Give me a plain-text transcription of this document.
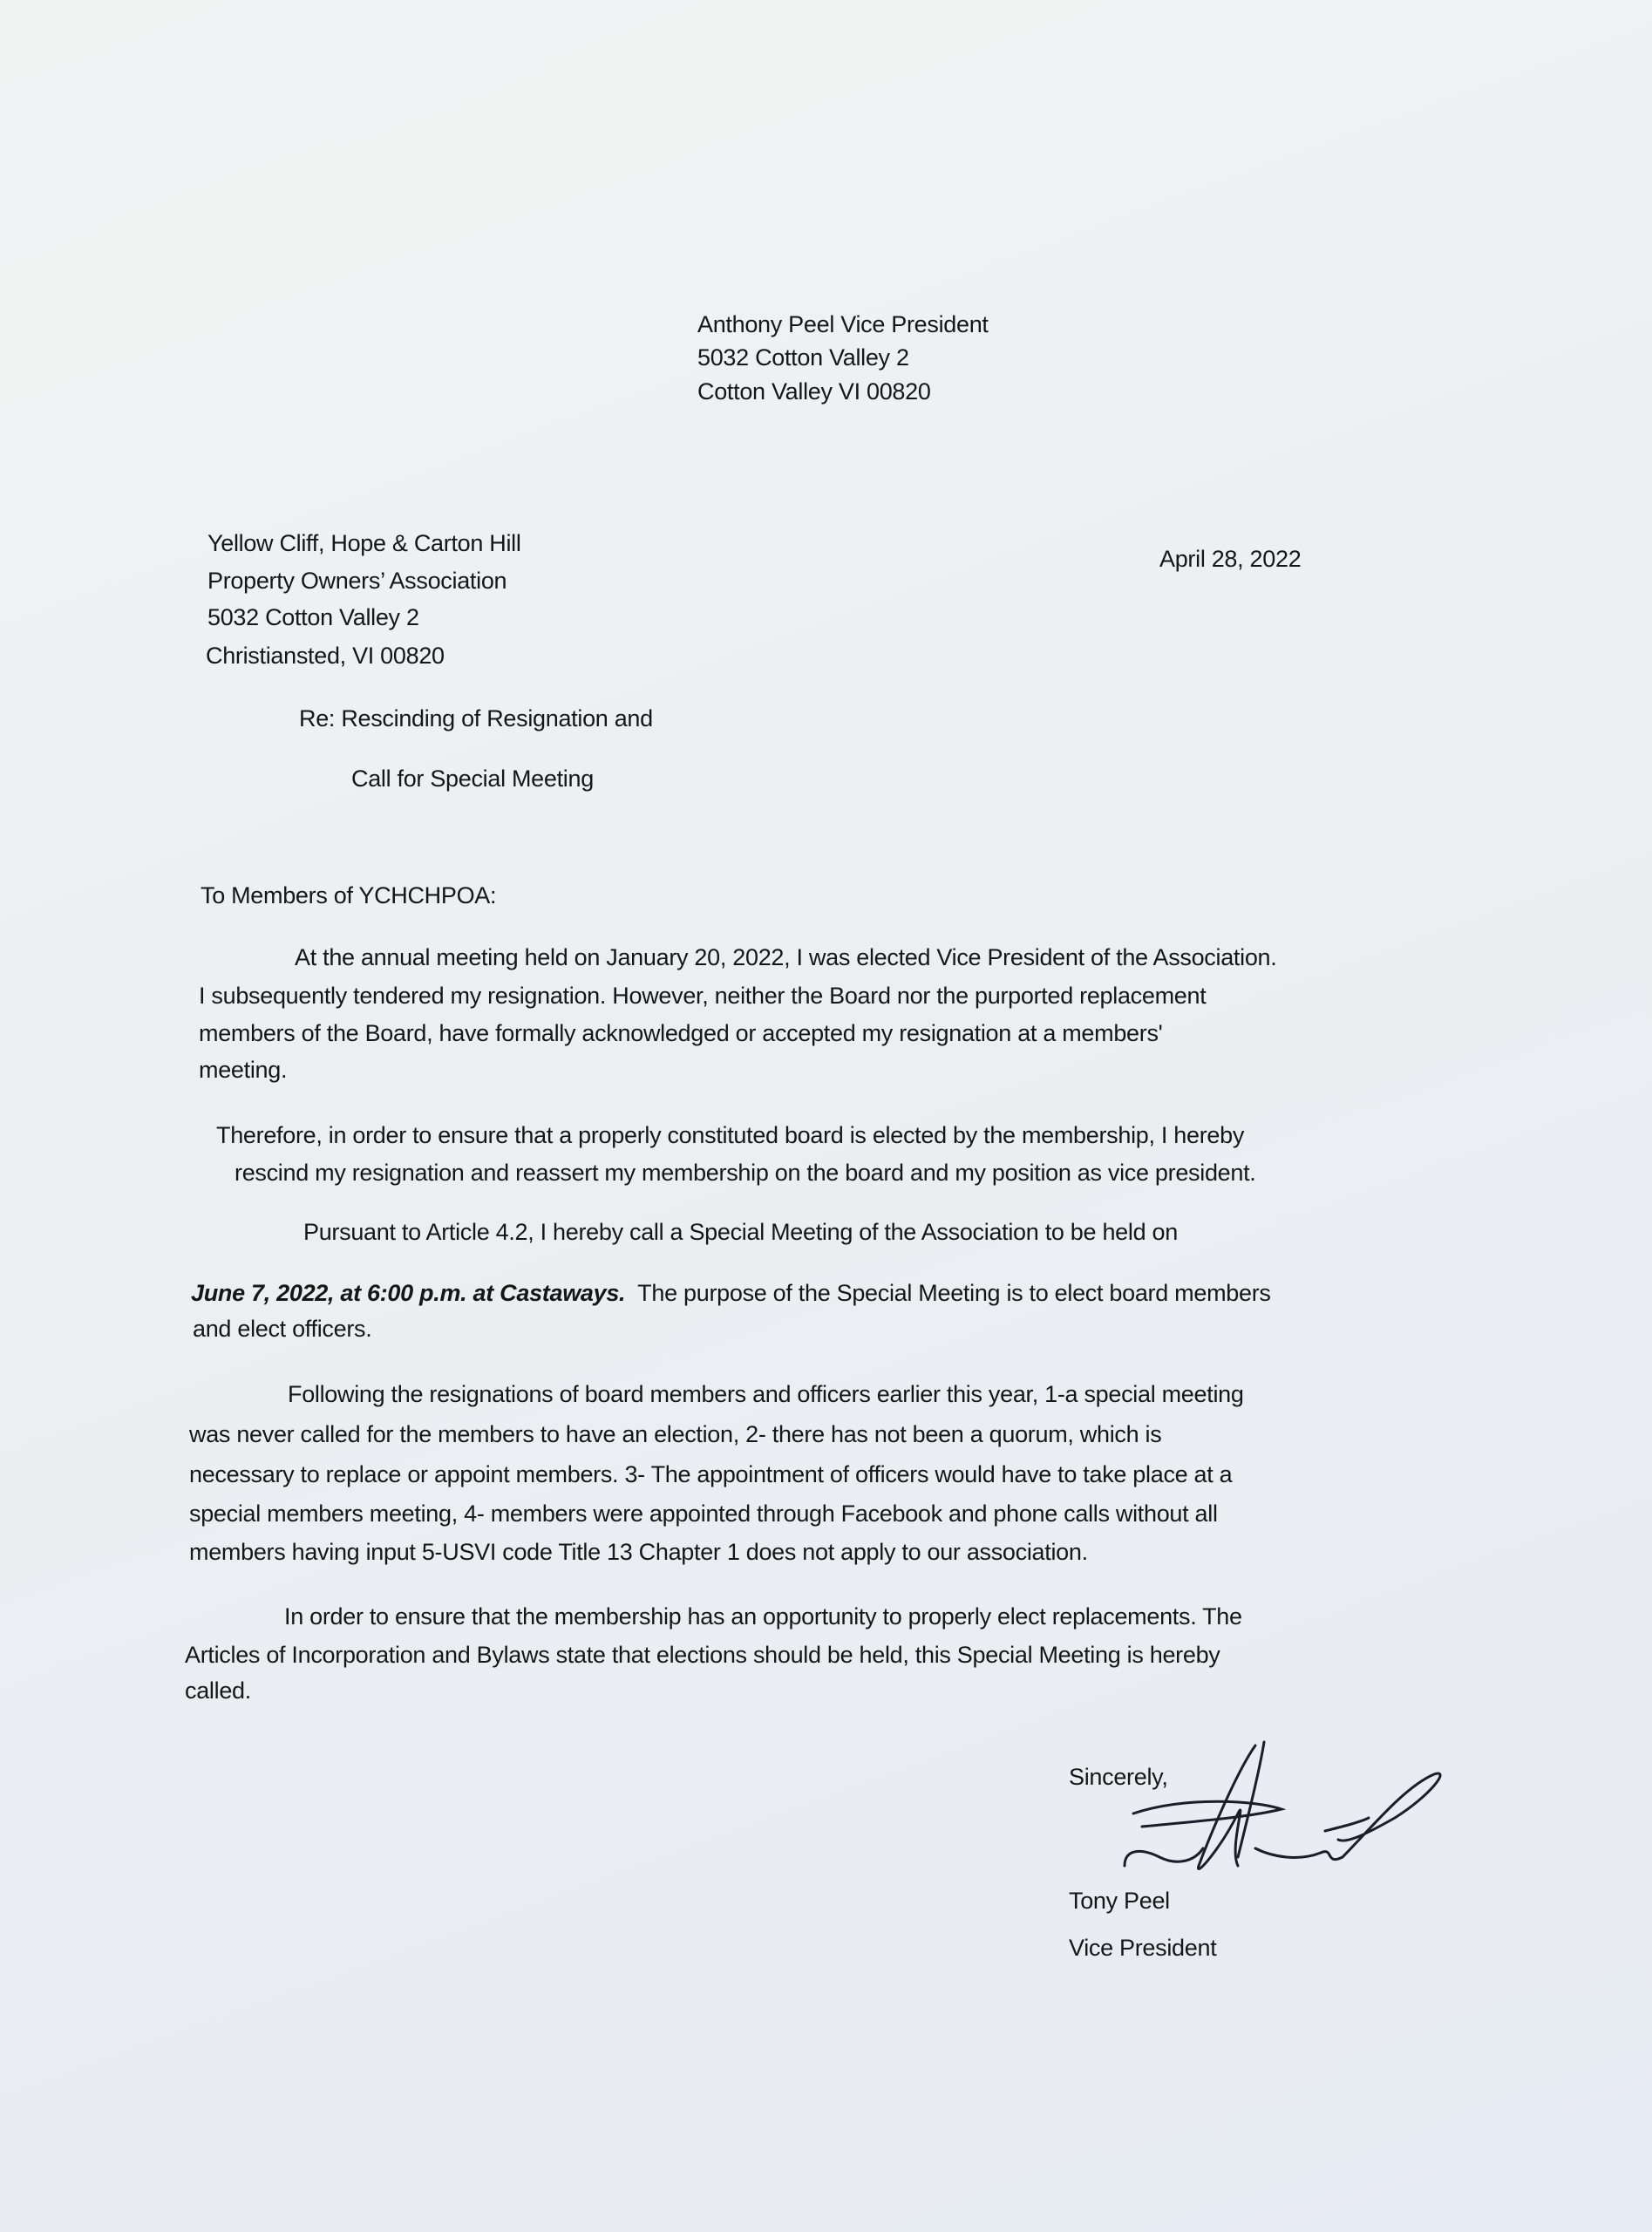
Anthony Peel Vice President
5032 Cotton Valley 2
Cotton Valley VI 00820
Yellow Cliff, Hope & Carton Hill
Property Owners’ Association
5032 Cotton Valley 2
Christiansted, VI 00820
April 28, 2022
Re: Rescinding of Resignation and
Call for Special Meeting
To Members of YCHCHPOA:
At the annual meeting held on January 20, 2022, I was elected Vice President of the Association.
I subsequently tendered my resignation. However, neither the Board nor the purported replacement
members of the Board, have formally acknowledged or accepted my resignation at a members'
meeting.
Therefore, in order to ensure that a properly constituted board is elected by the membership, I hereby
rescind my resignation and reassert my membership on the board and my position as vice president.
Pursuant to Article 4.2, I hereby call a Special Meeting of the Association to be held on
June 7, 2022, at 6:00 p.m. at Castaways.  The purpose of the Special Meeting is to elect board members
and elect officers.
Following the resignations of board members and officers earlier this year, 1-a special meeting
was never called for the members to have an election, 2- there has not been a quorum, which is
necessary to replace or appoint members. 3- The appointment of officers would have to take place at a
special members meeting, 4- members were appointed through Facebook and phone calls without all
members having input 5-USVI code Title 13 Chapter 1 does not apply to our association.
In order to ensure that the membership has an opportunity to properly elect replacements. The
Articles of Incorporation and Bylaws state that elections should be held, this Special Meeting is hereby
called.
Sincerely,
Tony Peel
Vice President
